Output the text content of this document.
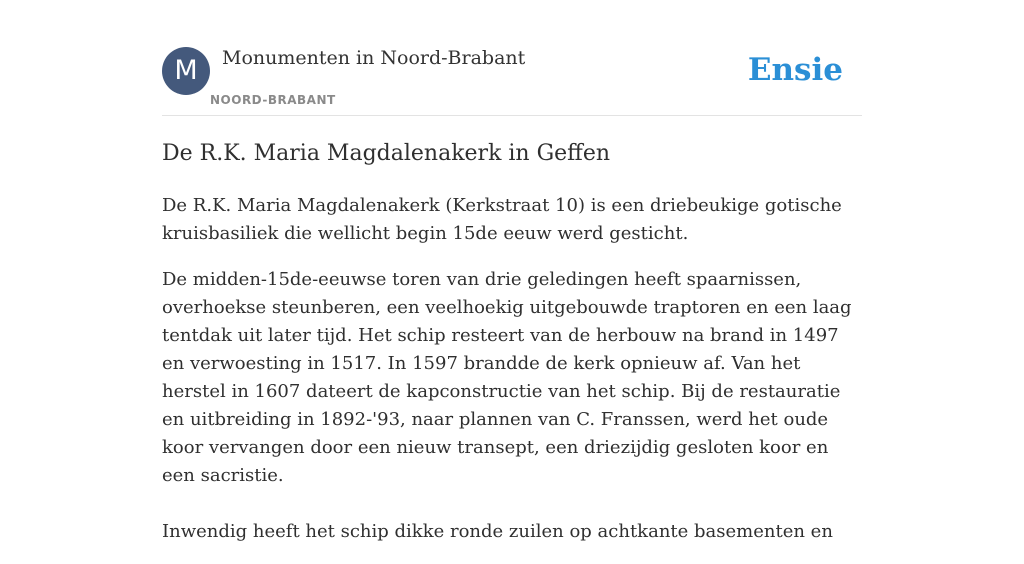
M	Monumenten in Noord-Brabant
NOORD-BRABANT
Ensie
De R.K. Maria Magdalenakerk in Geffen

De R.K. Maria Magdalenakerk (Kerkstraat 10) is een driebeukige gotische kruisbasiliek die wellicht begin 15de eeuw werd gesticht.

De midden-15de-eeuwse toren van drie geledingen heeft spaarnissen, overhoekse steunberen, een veelhoekig uitgebouwde traptoren en een laag tentdak uit later tijd. Het schip resteert van de herbouw na brand in 1497 en verwoesting in 1517. In 1597 brandde de kerk opnieuw af. Van het herstel in 1607 dateert de kapconstructie van het schip. Bij de restauratie en uitbreiding in 1892-'93, naar plannen van C. Franssen, werd het oude koor vervangen door een nieuw transept, een driezijdig gesloten koor en een sacristie.

Inwendig heeft het schip dikke ronde zuilen op achtkante basementen en
